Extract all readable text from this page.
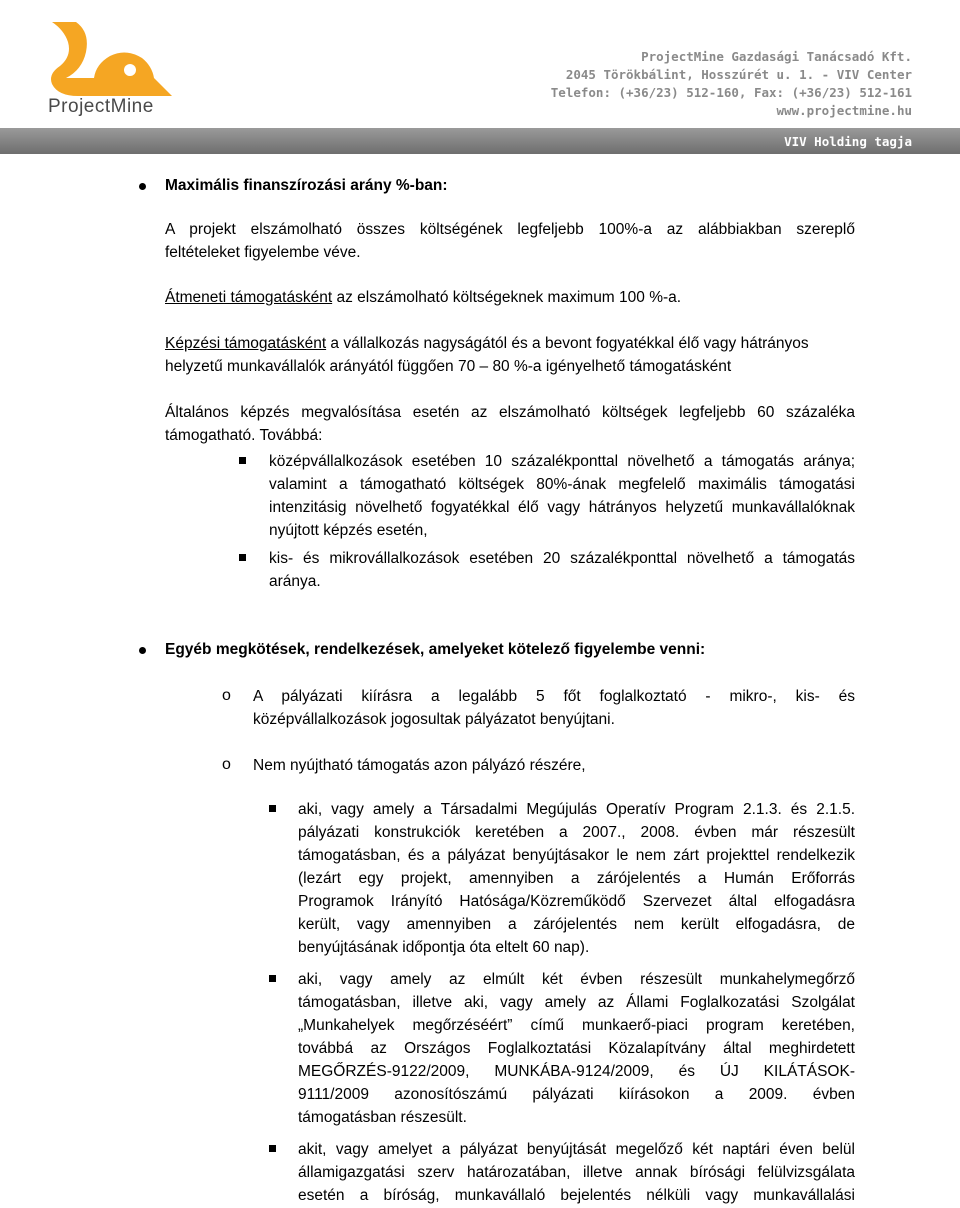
ProjectMine
ProjectMine Gazdasági Tanácsadó Kft.
2045 Törökbálint, Hosszúrét u. 1. - VIV Center
Telefon: (+36/23) 512-160, Fax: (+36/23) 512-161
www.projectmine.hu
VIV Holding tagja
Maximális finanszírozási arány %-ban:
A projekt elszámolható összes költségének legfeljebb 100%-a az alábbiakban szereplő
feltételeket figyelembe véve.
Átmeneti támogatásként az elszámolható költségeknek maximum 100 %-a.
Képzési támogatásként a vállalkozás nagyságától és a bevont fogyatékkal élő vagy hátrányos
helyzetű munkavállalók arányától függően 70 – 80 %-a igényelhető támogatásként
Általános képzés megvalósítása esetén az elszámolható költségek legfeljebb 60 százaléka
támogatható. Továbbá:
középvállalkozások esetében 10 százalékponttal növelhető a támogatás aránya;
valamint a támogatható költségek 80%-ának megfelelő maximális támogatási
intenzitásig növelhető fogyatékkal élő vagy hátrányos helyzetű munkavállalóknak
nyújtott képzés esetén,
kis- és mikrovállalkozások esetében 20 százalékponttal növelhető a támogatás
aránya.
Egyéb megkötések, rendelkezések, amelyeket kötelező figyelembe venni:
o A pályázati kiírásra a legalább 5 főt foglalkoztató - mikro-, kis- és
középvállalkozások jogosultak pályázatot benyújtani.
o Nem nyújtható támogatás azon pályázó részére,
aki, vagy amely a Társadalmi Megújulás Operatív Program 2.1.3. és 2.1.5.
pályázati konstrukciók keretében a 2007., 2008. évben már részesült
támogatásban, és a pályázat benyújtásakor le nem zárt projekttel rendelkezik
(lezárt egy projekt, amennyiben a zárójelentés a Humán Erőforrás
Programok Irányító Hatósága/Közreműködő Szervezet által elfogadásra
került, vagy amennyiben a zárójelentés nem került elfogadásra, de
benyújtásának időpontja óta eltelt 60 nap).
aki, vagy amely az elmúlt két évben részesült munkahelymegőrző
támogatásban, illetve aki, vagy amely az Állami Foglalkozatási Szolgálat
„Munkahelyek megőrzéséért” című munkaerő-piaci program keretében,
továbbá az Országos Foglalkoztatási Közalapítvány által meghirdetett
MEGŐRZÉS-9122/2009, MUNKÁBA-9124/2009, és ÚJ KILÁTÁSOK-
9111/2009 azonosítószámú pályázati kiírásokon a 2009. évben
támogatásban részesült.
akit, vagy amelyet a pályázat benyújtását megelőző két naptári éven belül
államigazgatási szerv határozatában, illetve annak bírósági felülvizsgálata
esetén a bíróság, munkavállaló bejelentés nélküli vagy munkavállalási
